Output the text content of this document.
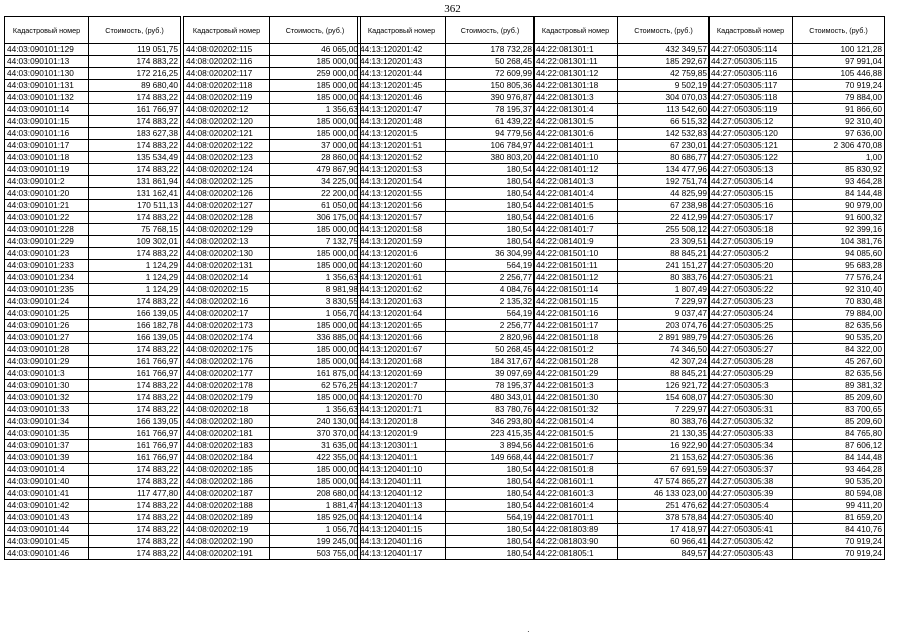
362
Кадастровый номер	Стоимость, (руб.)
44:03:090101:129	119 051,75
44:03:090101:13	174 883,22
44:03:090101:130	172 216,25
44:03:090101:131	89 680,40
44:03:090101:132	174 883,22
44:03:090101:14	161 766,97
44:03:090101:15	174 883,22
44:03:090101:16	183 627,38
44:03:090101:17	174 883,22
44:03:090101:18	135 534,49
44:03:090101:19	174 883,22
44:03:090101:2	131 861,94
44:03:090101:20	131 162,41
44:03:090101:21	170 511,13
44:03:090101:22	174 883,22
44:03:090101:228	75 768,15
44:03:090101:229	109 302,01
44:03:090101:23	174 883,22
44:03:090101:233	1 124,29
44:03:090101:234	1 124,29
44:03:090101:235	1 124,29
44:03:090101:24	174 883,22
44:03:090101:25	166 139,05
44:03:090101:26	166 182,78
44:03:090101:27	166 139,05
44:03:090101:28	174 883,22
44:03:090101:29	161 766,97
44:03:090101:3	161 766,97
44:03:090101:30	174 883,22
44:03:090101:32	174 883,22
44:03:090101:33	174 883,22
44:03:090101:34	166 139,05
44:03:090101:35	161 766,97
44:03:090101:37	161 766,97
44:03:090101:39	161 766,97
44:03:090101:4	174 883,22
44:03:090101:40	174 883,22
44:03:090101:41	117 477,80
44:03:090101:42	174 883,22
44:03:090101:43	174 883,22
44:03:090101:44	174 883,22
44:03:090101:45	174 883,22
44:03:090101:46	174 883,22
Кадастровый номер	Стоимость, (руб.)
44:08:020202:115	46 065,00
44:08:020202:116	185 000,00
44:08:020202:117	259 000,00
44:08:020202:118	185 000,00
44:08:020202:119	185 000,00
44:08:020202:12	1 356,63
44:08:020202:120	185 000,00
44:08:020202:121	185 000,00
44:08:020202:122	37 000,00
44:08:020202:123	28 860,00
44:08:020202:124	479 867,90
44:08:020202:125	34 225,00
44:08:020202:126	22 200,00
44:08:020202:127	61 050,00
44:08:020202:128	306 175,00
44:08:020202:129	185 000,00
44:08:020202:13	7 132,75
44:08:020202:130	185 000,00
44:08:020202:131	185 000,00
44:08:020202:14	1 356,63
44:08:020202:15	8 981,98
44:08:020202:16	3 830,55
44:08:020202:17	1 056,70
44:08:020202:173	185 000,00
44:08:020202:174	336 885,00
44:08:020202:175	185 000,00
44:08:020202:176	185 000,00
44:08:020202:177	161 875,00
44:08:020202:178	62 576,25
44:08:020202:179	185 000,00
44:08:020202:18	1 356,63
44:08:020202:180	240 130,00
44:08:020202:181	370 370,00
44:08:020202:183	31 635,00
44:08:020202:184	422 355,00
44:08:020202:185	185 000,00
44:08:020202:186	185 000,00
44:08:020202:187	208 680,00
44:08:020202:188	1 881,47
44:08:020202:189	185 925,00
44:08:020202:19	1 056,70
44:08:020202:190	199 245,00
44:08:020202:191	503 755,00
Кадастровый номер	Стоимость, (руб.)
44:13:120201:42	178 732,28
44:13:120201:43	50 268,45
44:13:120201:44	72 609,99
44:13:120201:45	150 805,36
44:13:120201:46	390 976,87
44:13:120201:47	78 195,37
44:13:120201:48	61 439,22
44:13:120201:5	94 779,56
44:13:120201:51	106 784,97
44:13:120201:52	380 803,20
44:13:120201:53	180,54
44:13:120201:54	180,54
44:13:120201:55	180,54
44:13:120201:56	180,54
44:13:120201:57	180,54
44:13:120201:58	180,54
44:13:120201:59	180,54
44:13:120201:6	36 304,99
44:13:120201:60	564,19
44:13:120201:61	2 256,77
44:13:120201:62	4 084,76
44:13:120201:63	2 135,32
44:13:120201:64	564,19
44:13:120201:65	2 256,77
44:13:120201:66	2 820,96
44:13:120201:67	50 268,45
44:13:120201:68	184 317,67
44:13:120201:69	39 097,69
44:13:120201:7	78 195,37
44:13:120201:70	480 343,01
44:13:120201:71	83 780,76
44:13:120201:8	346 293,80
44:13:120201:9	223 415,35
44:13:120301:1	3 894,56
44:13:120401:1	149 668,44
44:13:120401:10	180,54
44:13:120401:11	180,54
44:13:120401:12	180,54
44:13:120401:13	180,54
44:13:120401:14	564,19
44:13:120401:15	180,54
44:13:120401:16	180,54
44:13:120401:17	180,54
Кадастровый номер	Стоимость, (руб.)
44:22:081301:1	432 349,57
44:22:081301:11	185 292,67
44:22:081301:12	42 759,85
44:22:081301:18	9 502,19
44:22:081301:3	304 070,03
44:22:081301:4	113 542,60
44:22:081301:5	66 515,32
44:22:081301:6	142 532,83
44:22:081401:1	67 230,01
44:22:081401:10	80 686,77
44:22:081401:12	134 477,96
44:22:081401:3	192 751,74
44:22:081401:4	44 825,99
44:22:081401:5	67 238,98
44:22:081401:6	22 412,99
44:22:081401:7	255 508,12
44:22:081401:9	23 309,51
44:22:081501:10	88 845,21
44:22:081501:11	241 151,27
44:22:081501:12	80 383,76
44:22:081501:14	1 807,49
44:22:081501:15	7 229,97
44:22:081501:16	9 037,47
44:22:081501:17	203 074,76
44:22:081501:18	2 891 989,79
44:22:081501:2	74 346,50
44:22:081501:28	42 307,24
44:22:081501:29	88 845,21
44:22:081501:3	126 921,72
44:22:081501:30	154 608,07
44:22:081501:32	7 229,97
44:22:081501:4	80 383,76
44:22:081501:5	21 130,35
44:22:081501:6	16 922,90
44:22:081501:7	21 153,62
44:22:081501:8	67 691,59
44:22:081601:1	47 574 865,27
44:22:081601:3	46 133 023,00
44:22:081601:4	251 476,62
44:22:081701:1	378 578,84
44:22:081803:89	17 418,97
44:22:081803:90	60 966,41
44:22:081805:1	849,57
Кадастровый номер	Стоимость, (руб.)
44:27:050305:114	100 121,28
44:27:050305:115	97 991,04
44:27:050305:116	105 446,88
44:27:050305:117	70 919,24
44:27:050305:118	79 884,00
44:27:050305:119	91 866,60
44:27:050305:12	92 310,40
44:27:050305:120	97 636,00
44:27:050305:121	2 306 470,08
44:27:050305:122	1,00
44:27:050305:13	85 830,92
44:27:050305:14	93 464,28
44:27:050305:15	84 144,48
44:27:050305:16	90 979,00
44:27:050305:17	91 600,32
44:27:050305:18	92 399,16
44:27:050305:19	104 381,76
44:27:050305:2	94 085,60
44:27:050305:20	95 683,28
44:27:050305:21	77 576,24
44:27:050305:22	92 310,40
44:27:050305:23	70 830,48
44:27:050305:24	79 884,00
44:27:050305:25	82 635,56
44:27:050305:26	90 535,20
44:27:050305:27	84 322,00
44:27:050305:28	45 267,60
44:27:050305:29	82 635,56
44:27:050305:3	89 381,32
44:27:050305:30	85 209,60
44:27:050305:31	83 700,65
44:27:050305:32	85 209,60
44:27:050305:33	84 765,80
44:27:050305:34	87 606,12
44:27:050305:36	84 144,48
44:27:050305:37	93 464,28
44:27:050305:38	90 535,20
44:27:050305:39	80 594,08
44:27:050305:4	99 411,20
44:27:050305:40	81 659,20
44:27:050305:41	84 410,76
44:27:050305:42	70 919,24
44:27:050305:43	70 919,24
·
